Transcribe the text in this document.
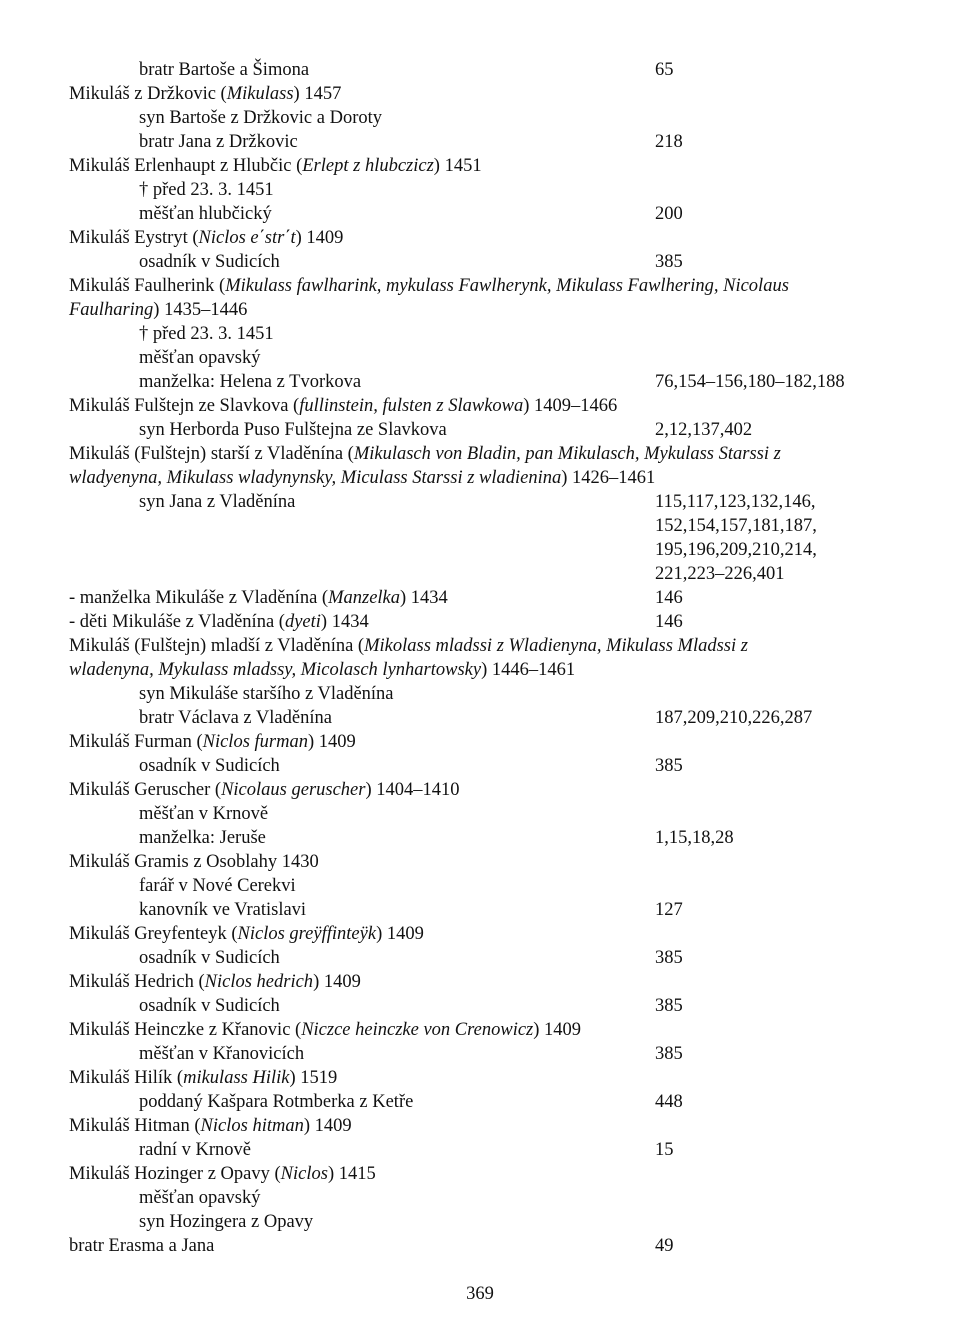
bratr Bartoše a Šimona	65
Mikuláš z Držkovic (Mikulass) 1457
syn Bartoše z Držkovic a Doroty
bratr Jana z Držkovic	218
Mikuláš Erlenhaupt z Hlubčic (Erlept z hlubczicz) 1451
† před 23. 3. 1451
měšťan hlubčický	200
Mikuláš Eystryt (Niclos e΄str΄t) 1409
osadník v Sudicích	385
Mikuláš Faulherink (Mikulass fawlharink, mykulass Fawlherynk, Mikulass Fawlhering, Nicolaus
Faulharing) 1435–1446
† před 23. 3. 1451
měšťan opavský
manželka: Helena z Tvorkova	76,154–156,180–182,188
Mikuláš Fulštejn ze Slavkova (fullinstein, fulsten z Slawkowa) 1409–1466
syn Herborda Puso Fulštejna ze Slavkova	2,12,137,402
Mikuláš (Fulštejn) starší z Vladěnína (Mikulasch von Bladin, pan Mikulasch, Mykulass Starssi z
wladyenyna, Mikulass wladynynsky, Miculass Starssi z wladienina) 1426–1461
syn Jana z Vladěnína	115,117,123,132,146,
152,154,157,181,187,
195,196,209,210,214,
221,223–226,401
- manželka Mikuláše z Vladěnína (Manzelka) 1434	146
- děti Mikuláše z Vladěnína (dyeti) 1434	146
Mikuláš (Fulštejn) mladší z Vladěnína (Mikolass mladssi z Wladienyna, Mikulass Mladssi z
wladenyna, Mykulass mladssy, Micolasch lynhartowsky) 1446–1461
syn Mikuláše staršího z Vladěnína
bratr Václava z Vladěnína	187,209,210,226,287
Mikuláš Furman (Niclos furman) 1409
osadník v Sudicích	385
Mikuláš Geruscher (Nicolaus geruscher) 1404–1410
měšťan v Krnově
manželka: Jeruše	1,15,18,28
Mikuláš Gramis z Osoblahy 1430
farář v Nové Cerekvi
kanovník ve Vratislavi	127
Mikuláš Greyfenteyk (Niclos greÿffinteÿk) 1409
osadník v Sudicích	385
Mikuláš Hedrich (Niclos hedrich) 1409
osadník v Sudicích	385
Mikuláš Heinczke z Křanovic (Niczce heinczke von Crenowicz) 1409
měšťan v Křanovicích	385
Mikuláš Hilík (mikulass Hilik) 1519
poddaný Kašpara Rotmberka z Ketře	448
Mikuláš Hitman (Niclos hitman) 1409
radní v Krnově	15
Mikuláš Hozinger z Opavy (Niclos) 1415
měšťan opavský
syn Hozingera z Opavy
bratr Erasma a Jana	49
369
